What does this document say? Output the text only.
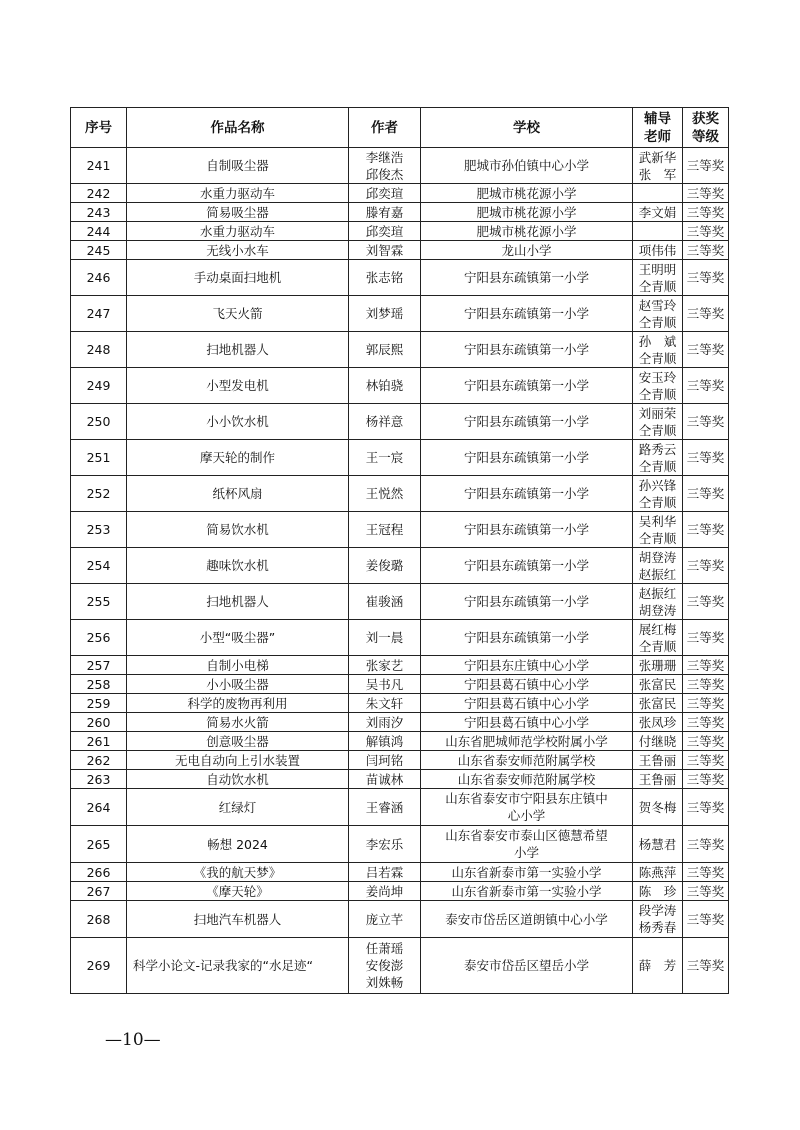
序号	作品名称	作者	学校	辅导
老师	获奖
等级

241	自制吸尘器	李继浩
邱俊杰	肥城市孙伯镇中心小学	武新华
张　军	三等奖

242	水重力驱动车	邱奕瑄	肥城市桃花源小学		三等奖

243	简易吸尘器	滕宥嘉	肥城市桃花源小学	李文娟	三等奖

244	水重力驱动车	邱奕瑄	肥城市桃花源小学		三等奖

245	无线小水车	刘智霖	龙山小学	项伟伟	三等奖

246	手动桌面扫地机	张志铭	宁阳县东疏镇第一小学	王明明
仝青顺	三等奖

247	飞天火箭	刘梦瑶	宁阳县东疏镇第一小学	赵雪玲
仝青顺	三等奖

248	扫地机器人	郭辰熙	宁阳县东疏镇第一小学	孙　斌
仝青顺	三等奖

249	小型发电机	林铂骁	宁阳县东疏镇第一小学	安玉玲
仝青顺	三等奖

250	小小饮水机	杨祥意	宁阳县东疏镇第一小学	刘丽荣
仝青顺	三等奖

251	摩天轮的制作	王一宸	宁阳县东疏镇第一小学	路秀云
仝青顺	三等奖

252	纸杯风扇	王悦然	宁阳县东疏镇第一小学	孙兴锋
仝青顺	三等奖

253	简易饮水机	王冠程	宁阳县东疏镇第一小学	吴利华
仝青顺	三等奖

254	趣味饮水机	姜俊璐	宁阳县东疏镇第一小学	胡登涛
赵振红	三等奖

255	扫地机器人	崔骏涵	宁阳县东疏镇第一小学	赵振红
胡登涛	三等奖

256	小型“吸尘器”	刘一晨	宁阳县东疏镇第一小学	展红梅
仝青顺	三等奖

257	自制小电梯	张家艺	宁阳县东庄镇中心小学	张珊珊	三等奖

258	小小吸尘器	吴书凡	宁阳县葛石镇中心小学	张富民	三等奖

259	科学的废物再利用	朱文轩	宁阳县葛石镇中心小学	张富民	三等奖

260	简易水火箭	刘雨汐	宁阳县葛石镇中心小学	张凤珍	三等奖

261	创意吸尘器	解镇鸿	山东省肥城师范学校附属小学	付继晓	三等奖

262	无电自动向上引水装置	闫珂铭	山东省泰安师范附属学校	王鲁丽	三等奖

263	自动饮水机	苗诚林	山东省泰安师范附属学校	王鲁丽	三等奖

264	红绿灯	王睿涵	山东省泰安市宁阳县东庄镇中
心小学	贺冬梅	三等奖

265	畅想 2024	李宏乐	山东省泰安市泰山区德慧希望
小学	杨慧君	三等奖

266	《我的航天梦》	吕若霖	山东省新泰市第一实验小学	陈燕萍	三等奖

267	《摩天轮》	姜尚坤	山东省新泰市第一实验小学	陈　珍	三等奖

268	扫地汽车机器人	庞立芊	泰安市岱岳区道朗镇中心小学	段学涛
杨秀春	三等奖

269	科学小论文-记录我家的“水足迹“	任萧瑶
安俊澎
刘姝畅	泰安市岱岳区望岳小学	薛　芳	三等奖
—10—
